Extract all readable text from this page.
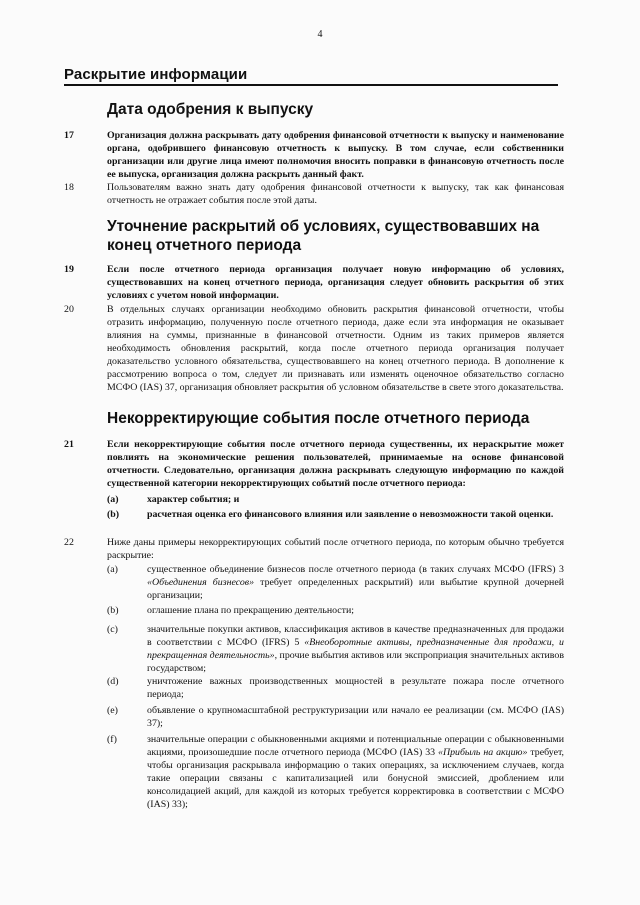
4
Раскрытие информации
Дата одобрения к выпуску
17	Организация должна раскрывать дату одобрения финансовой отчетности к выпуску и наименование органа, одобрившего финансовую отчетность к выпуску. В том случае, если собственники организации или другие лица имеют полномочия вносить поправки в финансовую отчетность после ее выпуска, организация должна раскрыть данный факт.
18	Пользователям важно знать дату одобрения финансовой отчетности к выпуску, так как финансовая отчетность не отражает события после этой даты.
Уточнение раскрытий об условиях, существовавших на конец отчетного периода
19	Если после отчетного периода организация получает новую информацию об условиях, существовавших на конец отчетного периода, организация следует обновить раскрытия об этих условиях с учетом новой информации.
20	В отдельных случаях организации необходимо обновить раскрытия финансовой отчетности, чтобы отразить информацию, полученную после отчетного периода, даже если эта информация не оказывает влияния на суммы, признанные в финансовой отчетности. Одним из таких примеров является необходимость обновления раскрытий, когда после отчетного периода организация получает доказательство условного обязательства, существовавшего на конец отчетного периода. В дополнение к рассмотрению вопроса о том, следует ли признавать или изменять оценочное обязательство согласно МСФО (IAS) 37, организация обновляет раскрытия об условном обязательстве в свете этого доказательства.
Некорректирующие события после отчетного периода
21	Если некорректирующие события после отчетного периода существенны, их нераскрытие может повлиять на экономические решения пользователей, принимаемые на основе финансовой отчетности. Следовательно, организация должна раскрывать следующую информацию по каждой существенной категории некорректирующих событий после отчетного периода:
(a)	характер события; и
(b)	расчетная оценка его финансового влияния или заявление о невозможности такой оценки.
22	Ниже даны примеры некорректирующих событий после отчетного периода, по которым обычно требуется раскрытие:
(a)	существенное объединение бизнесов после отчетного периода (в таких случаях МСФО (IFRS) 3 «Объединения бизнесов» требует определенных раскрытий) или выбытие крупной дочерней организации;
(b)	оглашение плана по прекращению деятельности;
(c)	значительные покупки активов, классификация активов в качестве предназначенных для продажи в соответствии с МСФО (IFRS) 5 «Внеоборотные активы, предназначенные для продажи, и прекращенная деятельность», прочие выбытия активов или экспроприация значительных активов государством;
(d)	уничтожение важных производственных мощностей в результате пожара после отчетного периода;
(e)	объявление о крупномасштабной реструктуризации или начало ее реализации (см. МСФО (IAS) 37);
(f)	значительные операции с обыкновенными акциями и потенциальные операции с обыкновенными акциями, произошедшие после отчетного периода (МСФО (IAS) 33 «Прибыль на акцию» требует, чтобы организация раскрывала информацию о таких операциях, за исключением случаев, когда такие операции связаны с капитализацией или бонусной эмиссией, дроблением или консолидацией акций, для каждой из которых требуется корректировка в соответствии с МСФО (IAS) 33);
